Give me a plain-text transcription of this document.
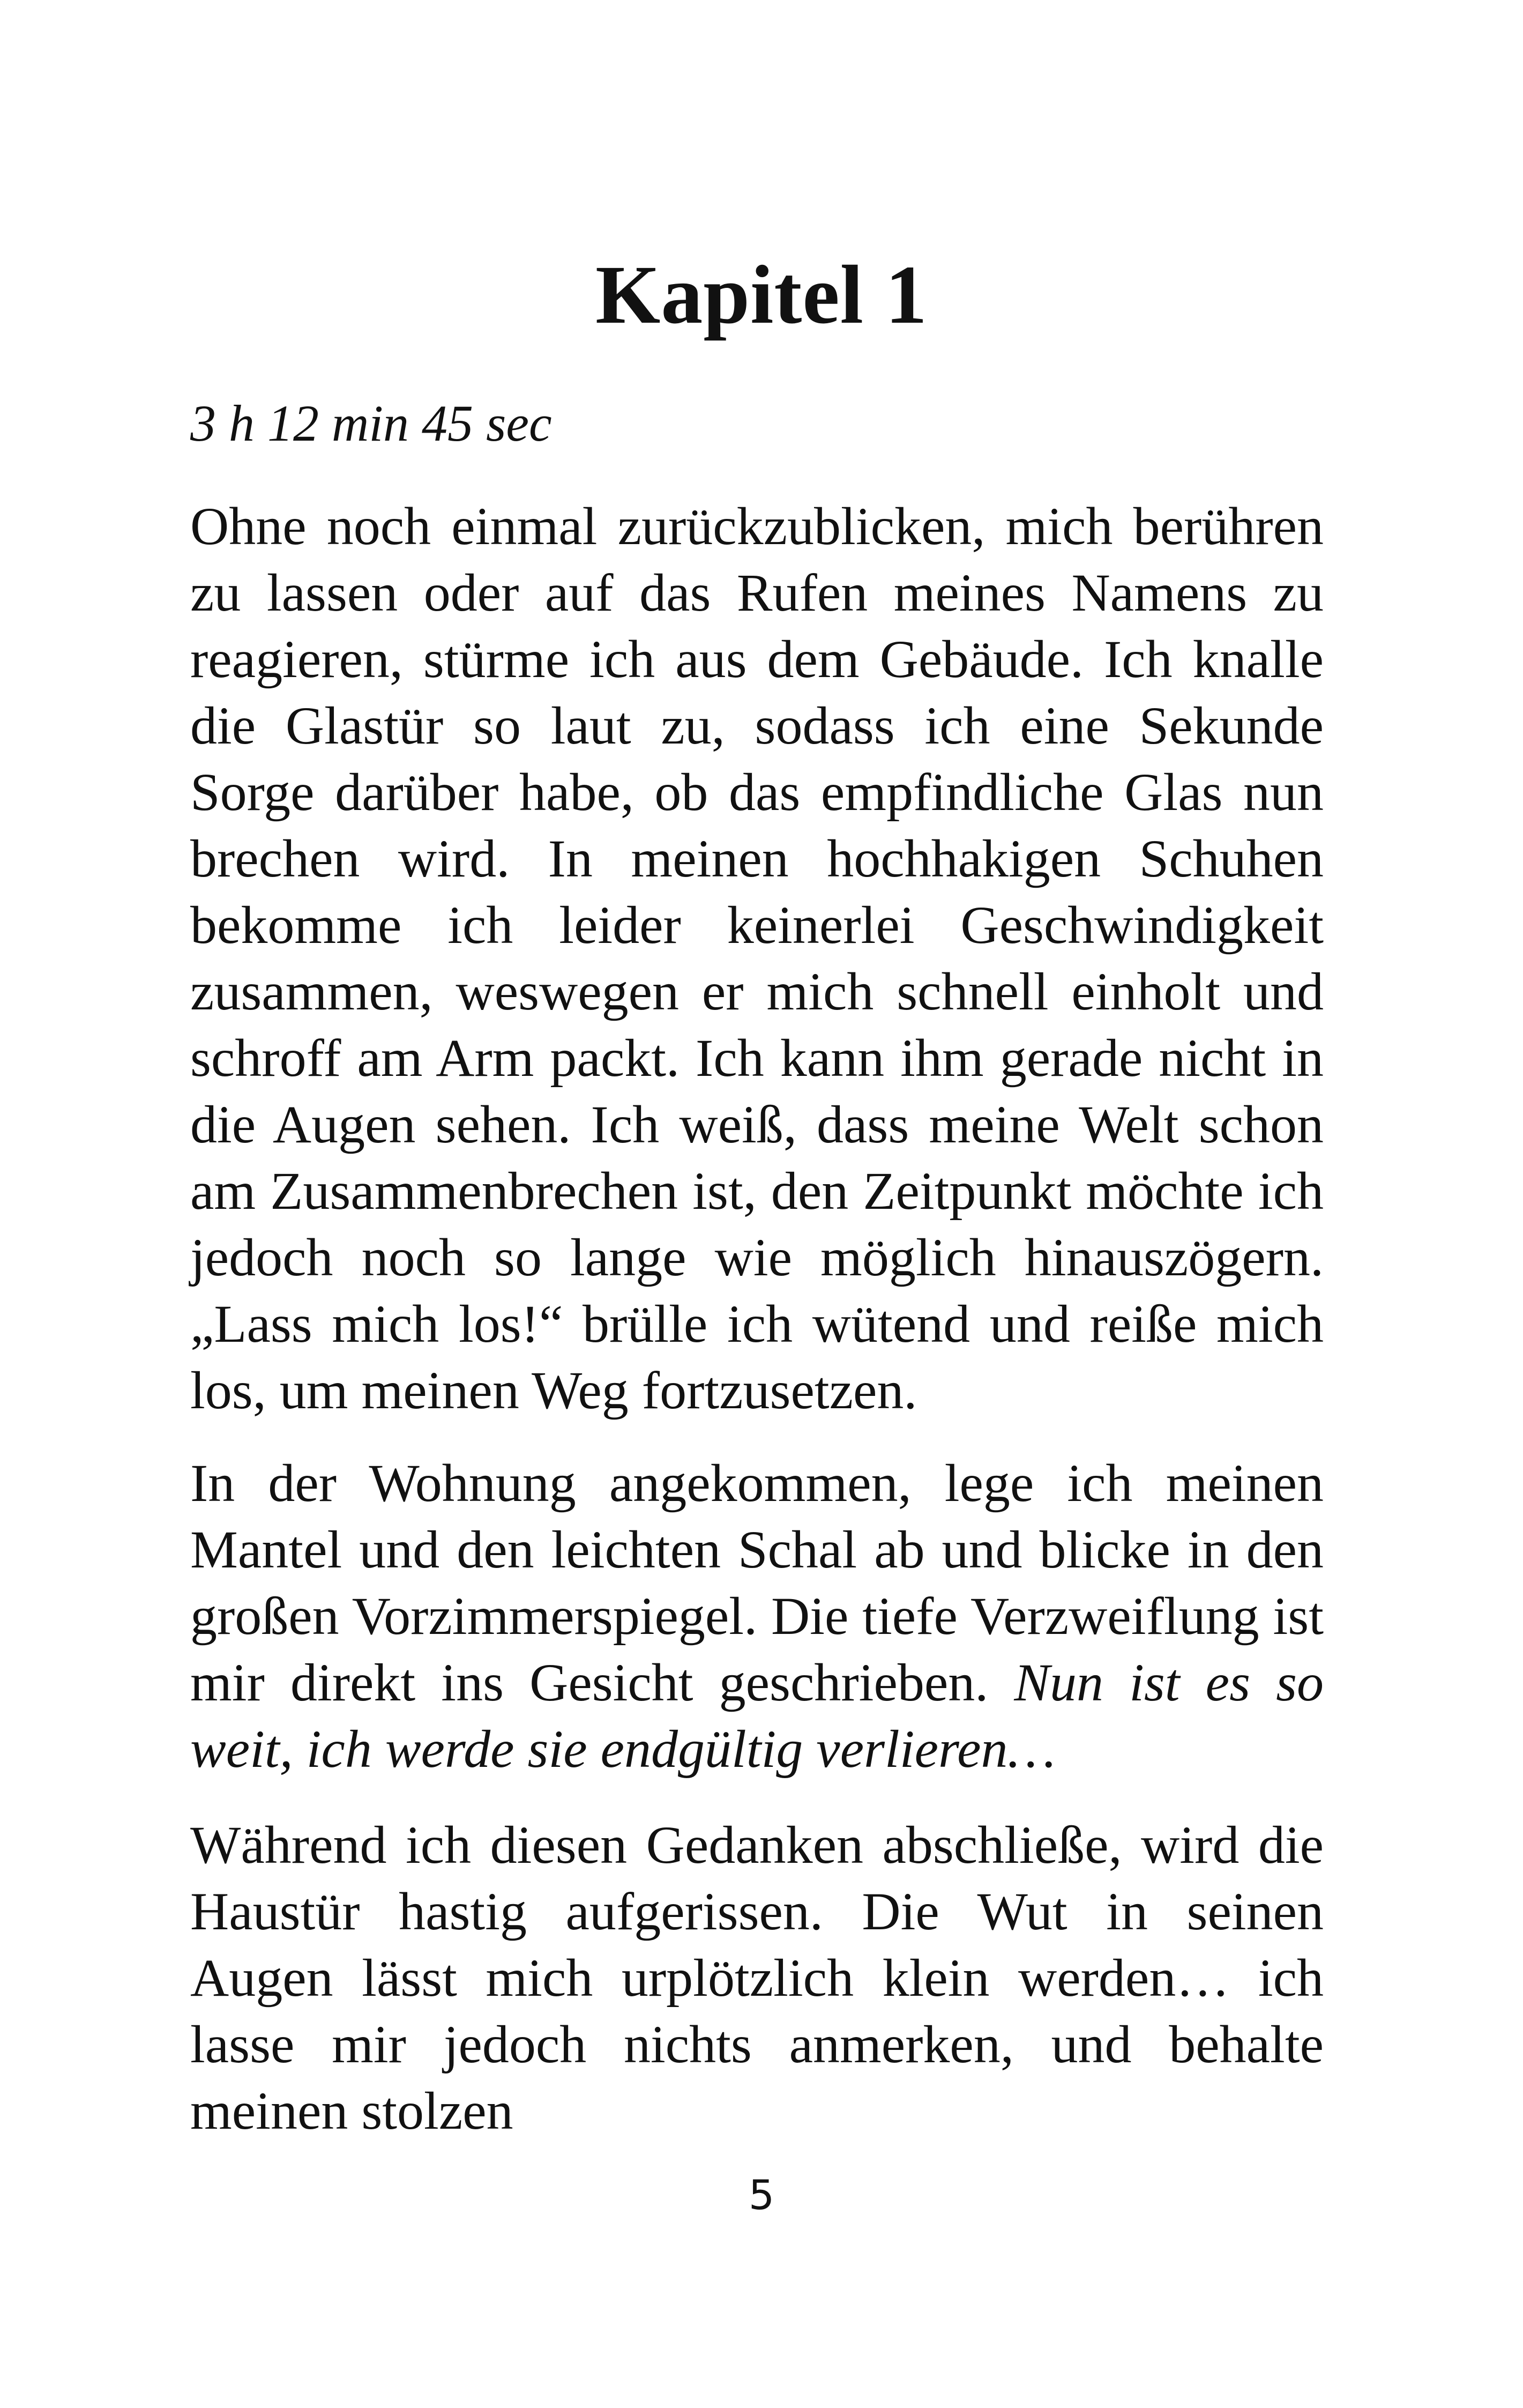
Kapitel 1

3 h 12 min 45 sec

Ohne noch einmal zurückzublicken, mich berühren zu lassen oder auf das Rufen meines Namens zu reagieren, stürme ich aus dem Gebäude. Ich knalle die Glastür so laut zu, sodass ich eine Sekunde Sorge darüber habe, ob das empfindliche Glas nun brechen wird. In meinen hochhakigen Schuhen bekomme ich leider keinerlei Geschwindigkeit zusammen, weswegen er mich schnell einholt und schroff am Arm packt. Ich kann ihm gerade nicht in die Augen sehen. Ich weiß, dass meine Welt schon am Zusammenbrechen ist, den Zeitpunkt möchte ich jedoch noch so lange wie möglich hinauszögern. „Lass mich los!“ brülle ich wütend und reiße mich los, um meinen Weg fortzusetzen.

In der Wohnung angekommen, lege ich meinen Mantel und den leichten Schal ab und blicke in den großen Vorzimmerspiegel. Die tiefe Verzweiflung ist mir direkt ins Gesicht geschrieben. Nun ist es so weit, ich werde sie endgültig verlieren…

Während ich diesen Gedanken abschließe, wird die Haustür hastig aufgerissen. Die Wut in seinen Augen lässt mich urplötzlich klein werden… ich lasse mir jedoch nichts anmerken, und behalte meinen stolzen

5
